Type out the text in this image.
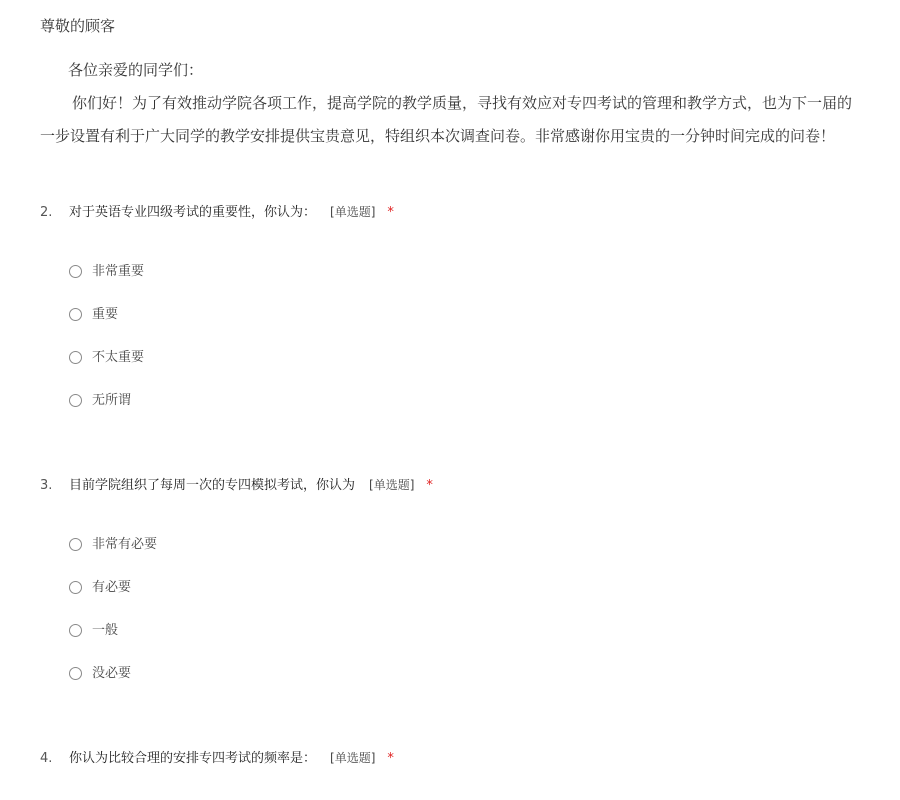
尊敬的顾客
各位亲爱的同学们：
你们好！为了有效推动学院各项工作，提高学院的教学质量，寻找有效应对专四考试的管理和教学方式，也为下一届的
一步设置有利于广大同学的教学安排提供宝贵意见，特组织本次调查问卷。非常感谢你用宝贵的一分钟时间完成的问卷！
2. 对于英语专业四级考试的重要性，你认为： [单选题] *
非常重要
重要
不太重要
无所谓
3. 目前学院组织了每周一次的专四模拟考试，你认为 [单选题] *
非常有必要
有必要
一般
没必要
4. 你认为比较合理的安排专四考试的频率是： [单选题] *
